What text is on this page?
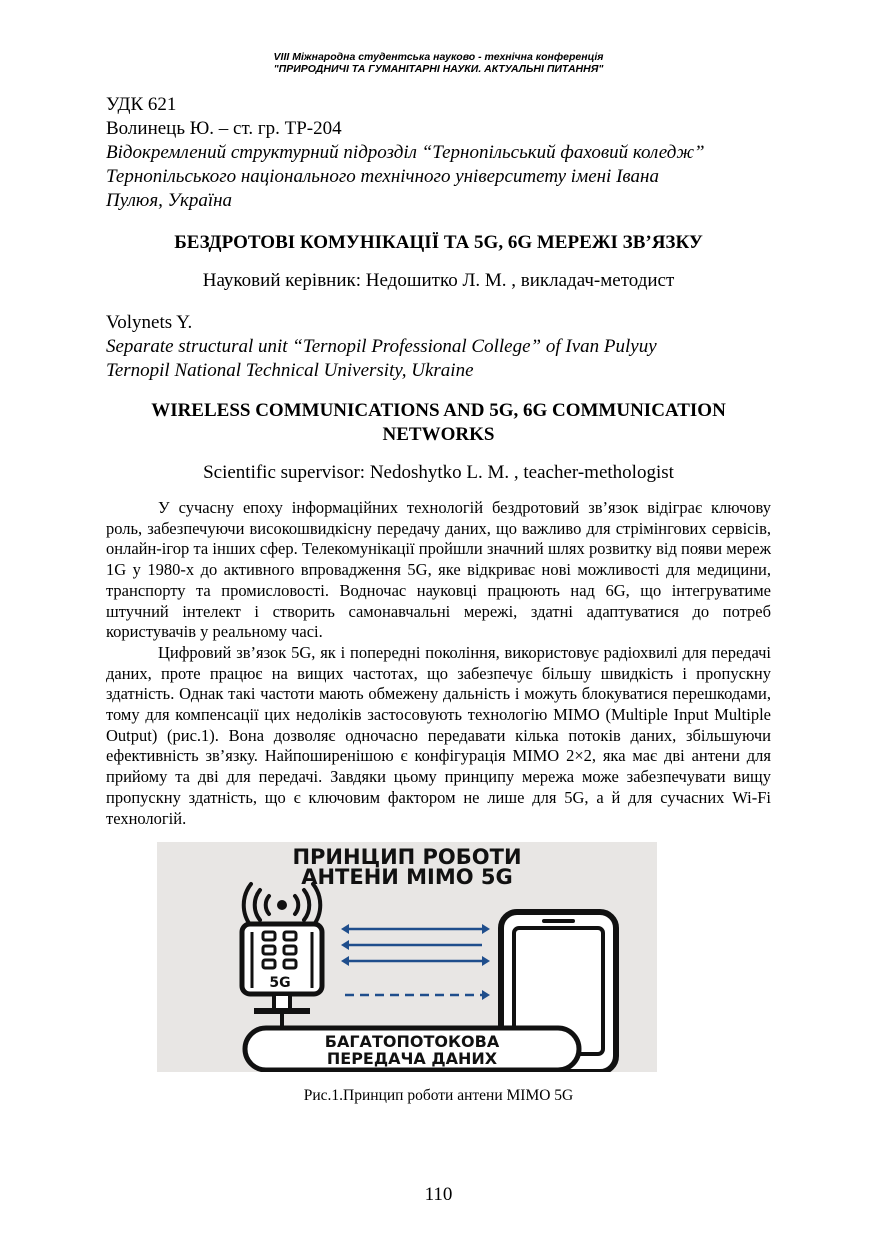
VIII Міжнародна студентська науково - технічна конференція
"ПРИРОДНИЧІ ТА ГУМАНІТАРНІ НАУКИ. АКТУАЛЬНІ ПИТАННЯ"
УДК 621
Волинець Ю. – ст. гр. ТР-204
Відокремлений структурний підрозділ “Тернопільський фаховий коледж”
Тернопільського національного технічного університету імені Івана
Пулюя, Україна
БЕЗДРОТОВІ КОМУНІКАЦІЇ ТА 5G, 6G МЕРЕЖІ ЗВ’ЯЗКУ
Науковий керівник: Недошитко Л. М. , викладач-методист
Volynets Y.
Separate structural unit “Ternopil Professional College” of Ivan Pulyuy
Ternopil National Technical University, Ukraine
WIRELESS COMMUNICATIONS AND 5G, 6G COMMUNICATION
NETWORKS
Scientific supervisor: Nedoshytko L. M. , teacher-methologist

У сучасну епоху інформаційних технологій бездротовий зв’язок відіграє ключову роль, забезпечуючи високошвидкісну передачу даних, що важливо для стрімінгових сервісів, онлайн-ігор та інших сфер. Телекомунікації пройшли значний шлях розвитку від появи мереж 1G у 1980-х до активного впровадження 5G, яке відкриває нові можливості для медицини, транспорту та промисловості. Водночас науковці працюють над 6G, що інтегруватиме штучний інтелект і створить самонавчальні мережі, здатні адаптуватися до потреб користувачів у реальному часі.

Цифровий зв’язок 5G, як і попередні покоління, використовує радіохвилі для передачі даних, проте працює на вищих частотах, що забезпечує більшу швидкість і пропускну здатність. Однак такі частоти мають обмежену дальність і можуть блокуватися перешкодами, тому для компенсації цих недоліків застосовують технологію MIMO (Multiple Input Multiple Output) (рис.1). Вона дозволяє одночасно передавати кілька потоків даних, збільшуючи ефективність зв’язку. Найпоширенішою є конфігурація MIMO 2×2, яка має дві антени для прийому та дві для передачі. Завдяки цьому принципу мережа може забезпечувати вищу пропускну здатність, що є ключовим фактором не лише для 5G, а й для сучасних Wi-Fi технологій.

ПРИНЦИП РОБОТИ
АНТЕНИ МІМО 5G
5G
БАГАТОПОТОКОВА
ПЕРЕДАЧА ДАНИХ
Рис.1.Принцип роботи антени MIMO 5G
110
